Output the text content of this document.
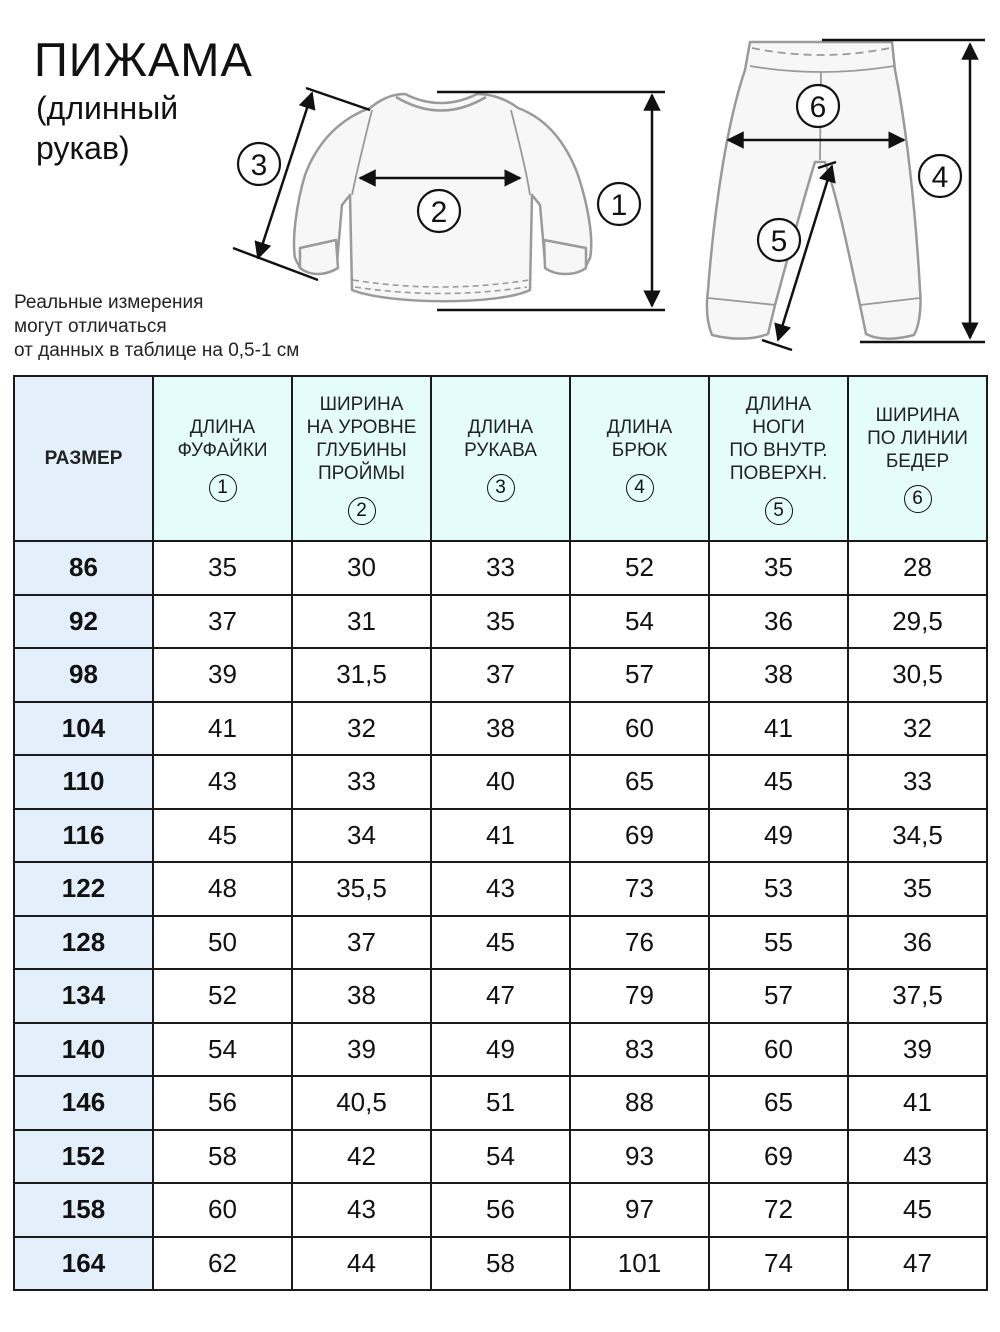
ПИЖАМА
(длинный
рукав)
1
2
3	4
5
6
Реальные измерения
могут отличаться
от данных в таблице на 0,5-1 см
РАЗМЕР	ДЛИНА
ФУФАЙКИ
1	ШИРИНА
НА УРОВНЕ
ГЛУБИНЫ
ПРОЙМЫ
2	ДЛИНА
РУКАВА
3	ДЛИНА
БРЮК
4	ДЛИНА
НОГИ
ПО ВНУТР.
ПОВЕРХН.
5	ШИРИНА
ПО ЛИНИИ
БЕДЕР
6
86	35	30	33	52	35	28
92	37	31	35	54	36	29,5
98	39	31,5	37	57	38	30,5
104	41	32	38	60	41	32
110	43	33	40	65	45	33
116	45	34	41	69	49	34,5
122	48	35,5	43	73	53	35
128	50	37	45	76	55	36
134	52	38	47	79	57	37,5
140	54	39	49	83	60	39
146	56	40,5	51	88	65	41
152	58	42	54	93	69	43
158	60	43	56	97	72	45
164	62	44	58	101	74	47
